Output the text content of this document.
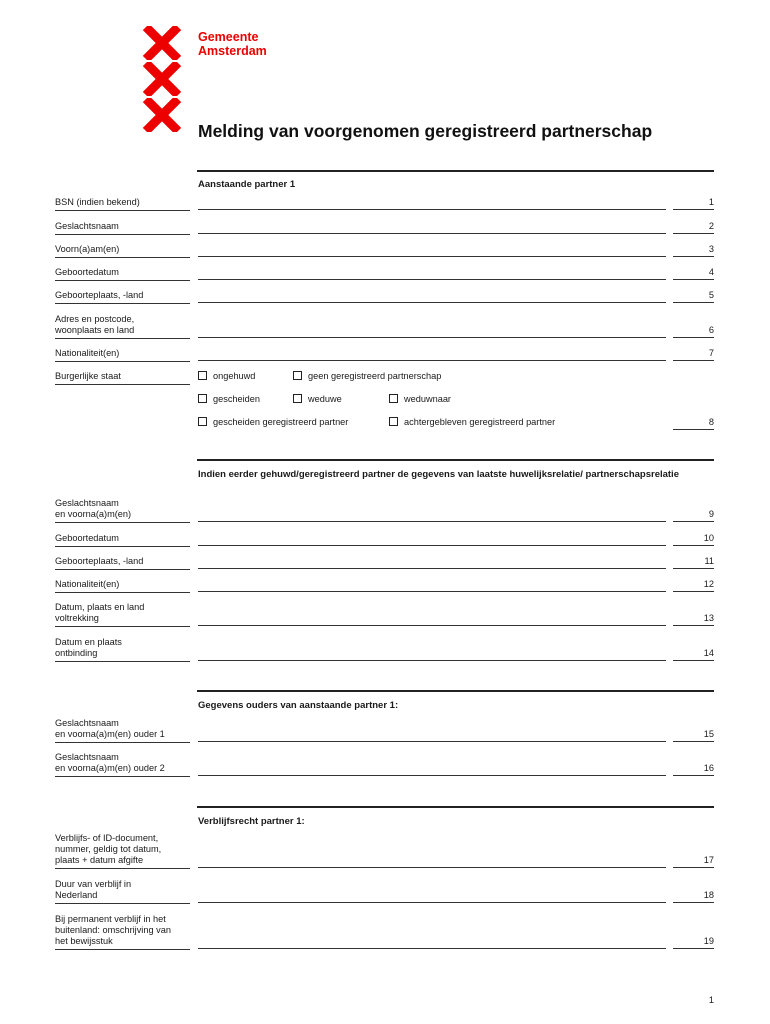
Gemeente
Amsterdam
Melding van voorgenomen geregistreerd partnerschap
Aanstaande partner 1
BSN (indien bekend)	1
Geslachtsnaam	2
Voorn(a)am(en)	3
Geboortedatum	4
Geboorteplaats, -land	5
Adres en postcode,
woonplaats en land	6
Nationaliteit(en)	7
Burgerlijke staat	ongehuwd	geen geregistreerd partnerschap
gescheiden	weduwe	weduwnaar
gescheiden geregistreerd partner	achtergebleven geregistreerd partner	8
Indien eerder gehuwd/geregistreerd partner de gegevens van laatste huwelijksrelatie/ partnerschapsrelatie
Geslachtsnaam
en voorna(a)m(en)	9
Geboortedatum	10
Geboorteplaats, -land	11
Nationaliteit(en)	12
Datum, plaats en land
voltrekking	13
Datum en plaats
ontbinding	14
Gegevens ouders van aanstaande partner 1:
Geslachtsnaam
en voorna(a)m(en) ouder 1	15
Geslachtsnaam
en voorna(a)m(en) ouder 2	16
Verblijfsrecht partner 1:
Verblijfs- of ID-document,
nummer, geldig tot datum,
plaats + datum afgifte	17
Duur van verblijf in
Nederland	18
Bij permanent verblijf in het
buitenland: omschrijving van
het bewijsstuk	19
1
